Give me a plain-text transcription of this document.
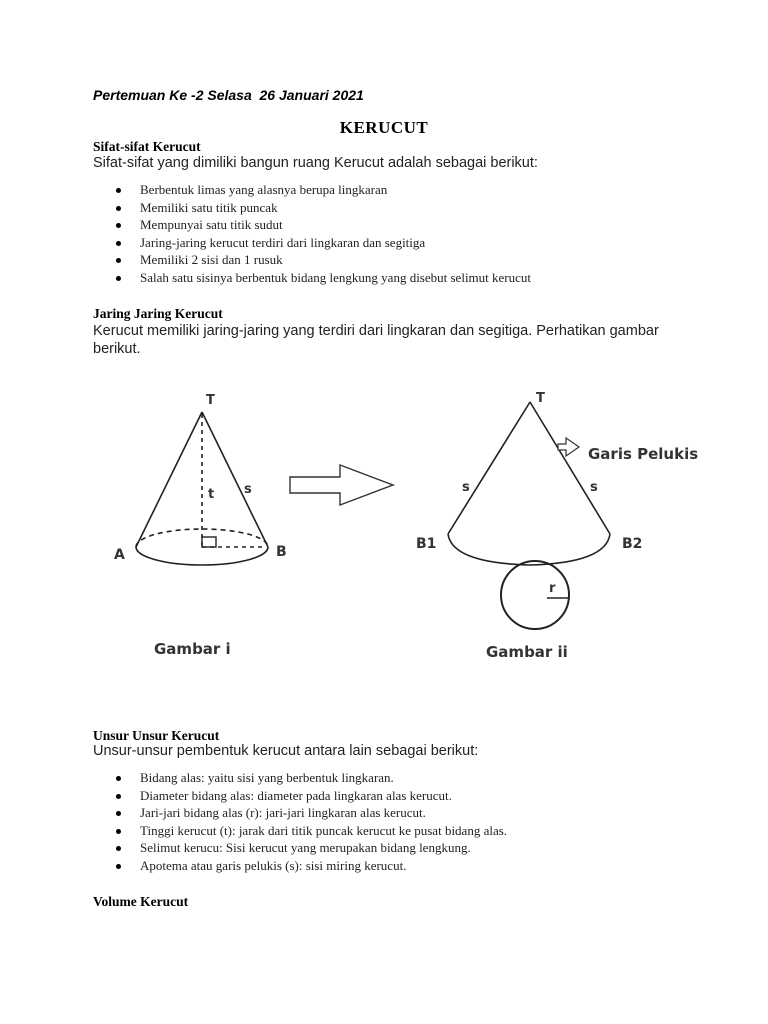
Pertemuan Ke -2 Selasa  26 Januari 2021
KERUCUT
Sifat-sifat Kerucut
Sifat-sifat yang dimiliki bangun ruang Kerucut adalah sebagai berikut:
Berbentuk limas yang alasnya berupa lingkaran
Memiliki satu titik puncak
Mempunyai satu titik sudut
Jaring-jaring kerucut terdiri dari lingkaran dan segitiga
Memiliki 2 sisi dan 1 rusuk
Salah satu sisinya berbentuk bidang lengkung yang disebut selimut kerucut
Jaring Jaring Kerucut
Kerucut memiliki jaring-jaring yang terdiri dari lingkaran dan segitiga. Perhatikan gambar berikut.
T
t s
A	B
Gambar i
T
Garis Pelukis
s	s
B1	B2
r
Gambar ii
Unsur Unsur Kerucut
Unsur-unsur pembentuk kerucut antara lain sebagai berikut:
Bidang alas: yaitu sisi yang berbentuk lingkaran.
Diameter bidang alas: diameter pada lingkaran alas kerucut.
Jari-jari bidang alas (r): jari-jari lingkaran alas kerucut.
Tinggi kerucut (t): jarak dari titik puncak kerucut ke pusat bidang alas.
Selimut kerucu: Sisi kerucut yang merupakan bidang lengkung.
Apotema atau garis pelukis (s): sisi miring kerucut.
Volume Kerucut
